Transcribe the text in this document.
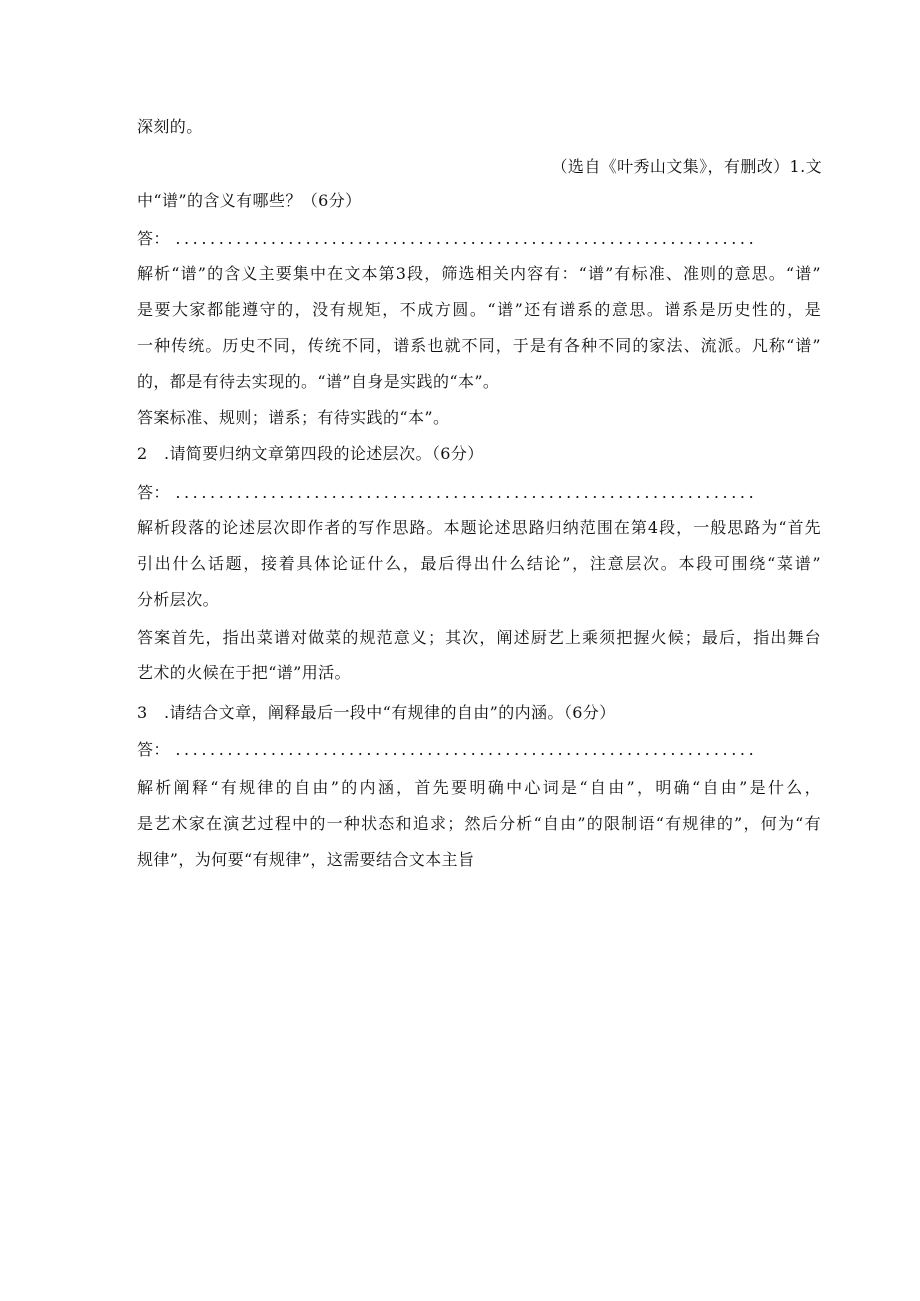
深刻的。
（选自《叶秀山文集》，有删改）1.文
中“谱”的含义有哪些？（6分）
答： ...................................................................
解析“谱”的含义主要集中在文本第3段，筛选相关内容有：“谱”有标准、准则的意思。“谱”
是要大家都能遵守的，没有规矩，不成方圆。“谱”还有谱系的意思。谱系是历史性的，是
一种传统。历史不同，传统不同，谱系也就不同，于是有各种不同的家法、流派。凡称“谱”
的，都是有待去实现的。“谱”自身是实践的“本”。
答案标准、规则；谱系；有待实践的“本”。
2　.请简要归纳文章第四段的论述层次。（6分）
答： ...................................................................
解析段落的论述层次即作者的写作思路。本题论述思路归纳范围在第4段，一般思路为“首先
引出什么话题，接着具体论证什么，最后得出什么结论”，注意层次。本段可围绕“菜谱”
分析层次。
答案首先，指出菜谱对做菜的规范意义；其次，阐述厨艺上乘须把握火候；最后，指出舞台
艺术的火候在于把“谱”用活。
3　.请结合文章，阐释最后一段中“有规律的自由”的内涵。（6分）
答： ...................................................................
解析阐释“有规律的自由”的内涵，首先要明确中心词是“自由”，明确“自由”是什么，
是艺术家在演艺过程中的一种状态和追求；然后分析“自由”的限制语“有规律的”，何为“有
规律”，为何要“有规律”，这需要结合文本主旨
